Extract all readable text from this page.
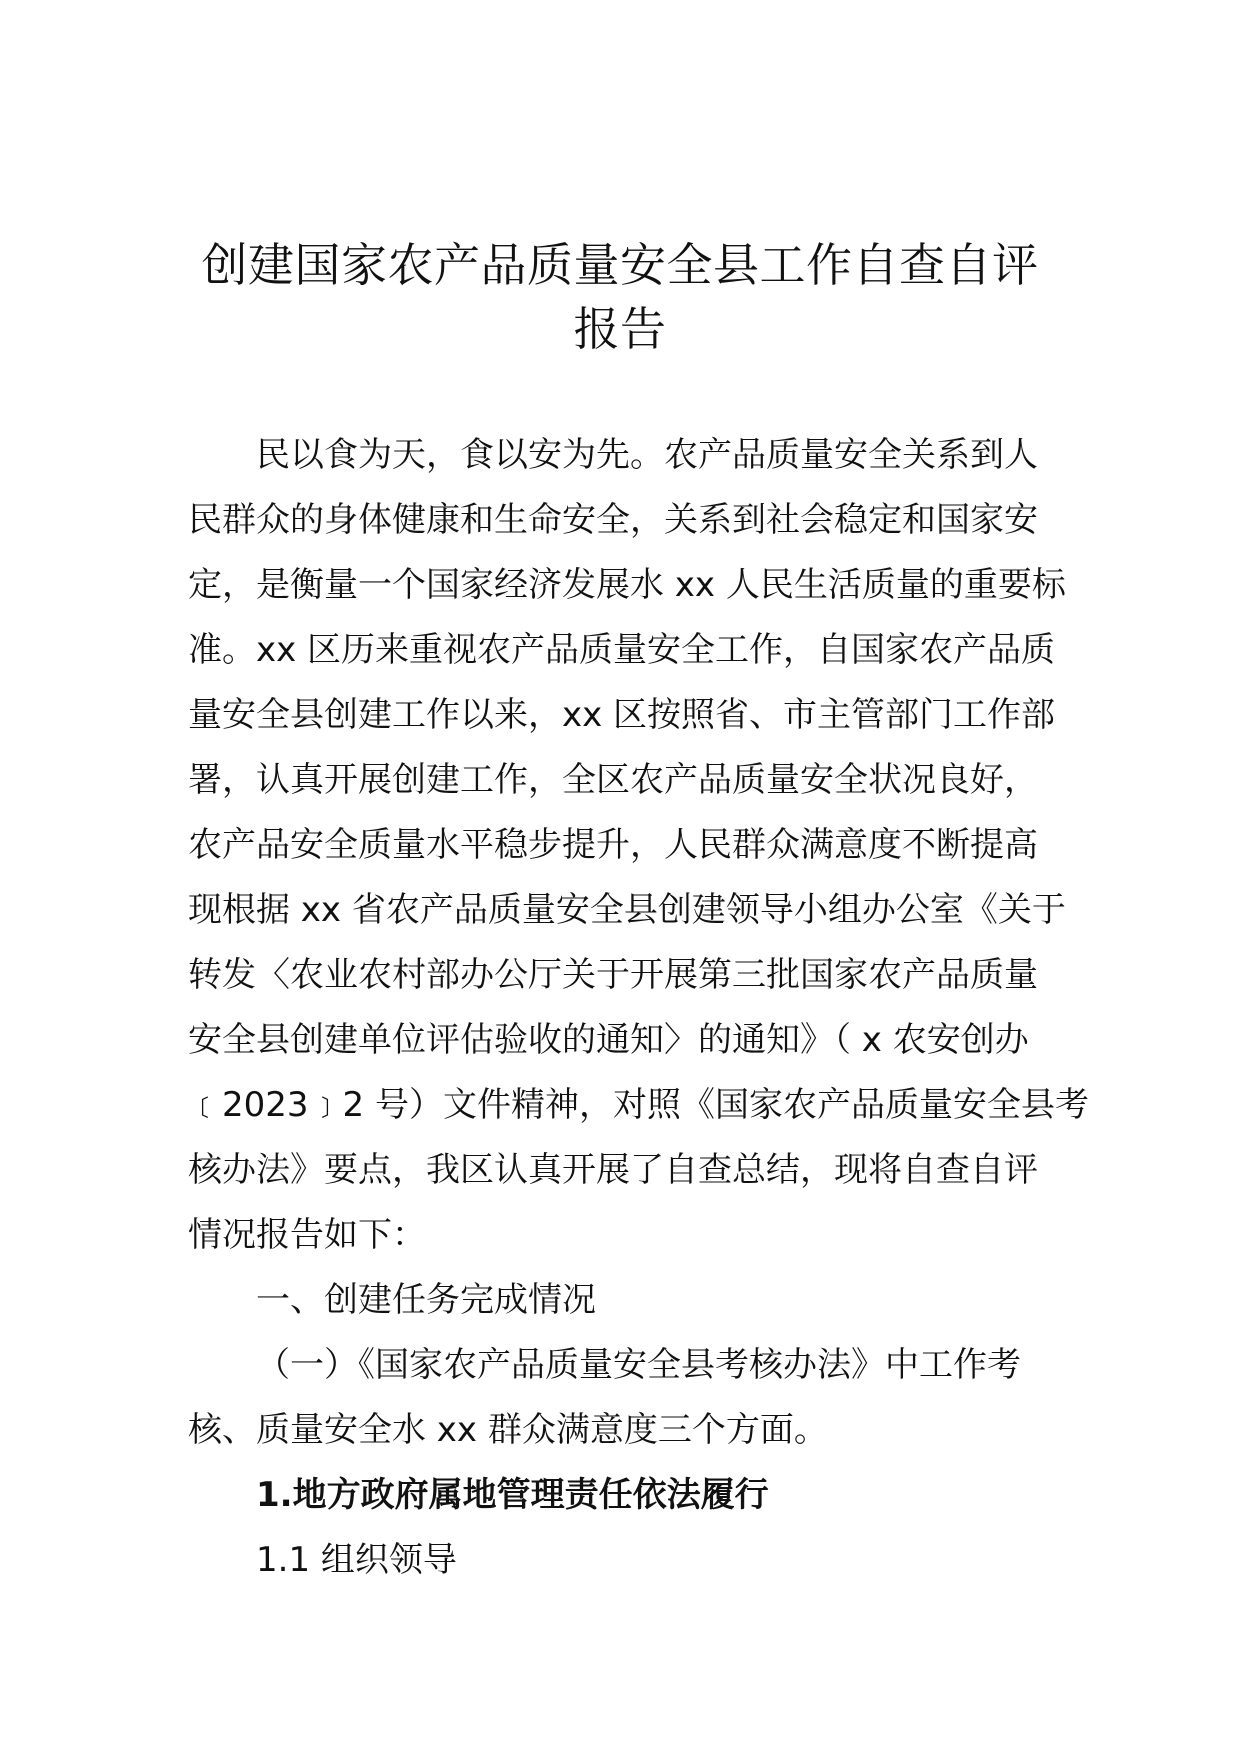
创建国家农产品质量安全县工作自查自评
报告
民以食为天，食以安为先。农产品质量安全关系到人
民群众的身体健康和生命安全，关系到社会稳定和国家安
定，是衡量一个国家经济发展水 xx 人民生活质量的重要标
准。xx 区历来重视农产品质量安全工作，自国家农产品质
量安全县创建工作以来，xx 区按照省、市主管部门工作部
署，认真开展创建工作，全区农产品质量安全状况良好，
农产品安全质量水平稳步提升，人民群众满意度不断提高
现根据 xx 省农产品质量安全县创建领导小组办公室《关于
转发〈农业农村部办公厅关于开展第三批国家农产品质量
安全县创建单位评估验收的通知〉的通知》（ x 农安创办
﹝2023﹞2 号）文件精神，对照《国家农产品质量安全县考
核办法》要点，我区认真开展了自查总结，现将自查自评
情况报告如下：
一、创建任务完成情况
（一）《国家农产品质量安全县考核办法》中工作考
核、质量安全水 xx 群众满意度三个方面。
1.地方政府属地管理责任依法履行
1.1 组织领导
